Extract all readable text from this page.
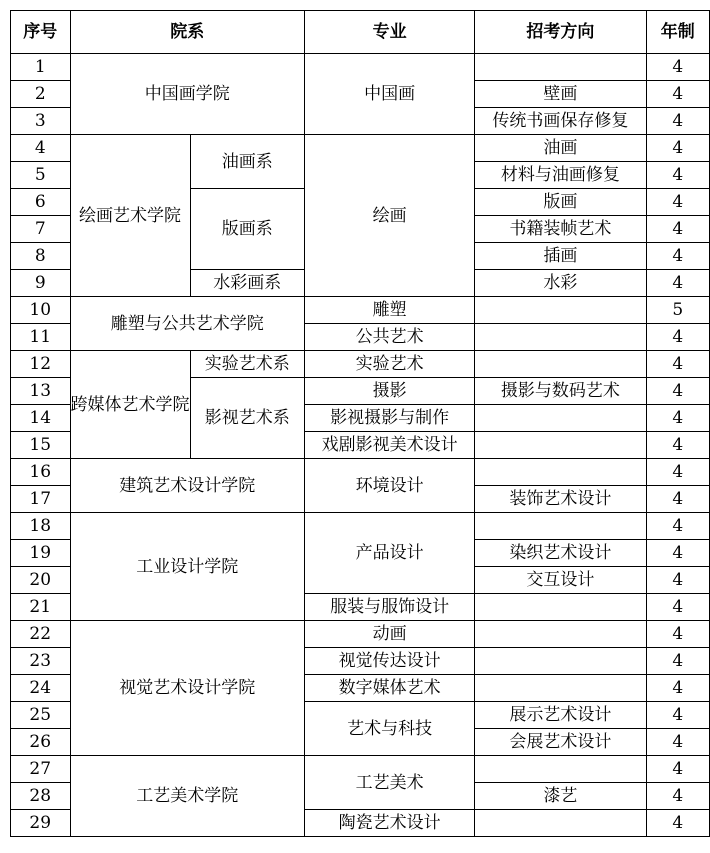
序号	院系		专业	招考方向	年制
1	中国画学院		中国画		4
2				壁画	4
3				传统书画保存修复	4
4	绘画艺术学院	油画系	绘画	油画	4
5				材料与油画修复	4
6		版画系		版画	4
7				书籍装帧艺术	4
8				插画	4
9		水彩画系		水彩	4
10	雕塑与公共艺术学院		雕塑		5
11			公共艺术		4
12	跨媒体艺术学院	实验艺术系	实验艺术		4
13		影视艺术系	摄影	摄影与数码艺术	4
14			影视摄影与制作		4
15			戏剧影视美术设计		4
16	建筑艺术设计学院		环境设计		4
17				装饰艺术设计	4
18	工业设计学院		产品设计		4
19				染织艺术设计	4
20				交互设计	4
21			服装与服饰设计		4
22	视觉艺术设计学院		动画		4
23			视觉传达设计		4
24			数字媒体艺术		4
25			艺术与科技	展示艺术设计	4
26				会展艺术设计	4
27	工艺美术学院		工艺美术		4
28				漆艺	4
29			陶瓷艺术设计		4
